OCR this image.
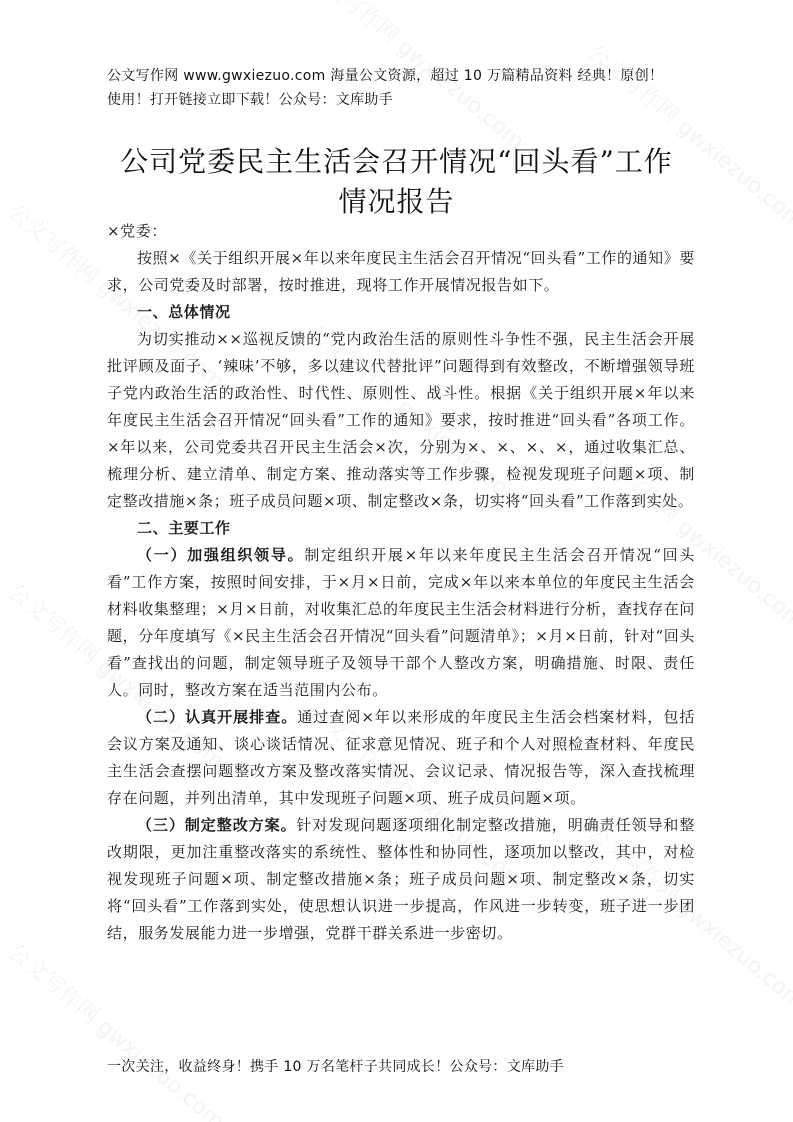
公文写作网 www.gwxiezuo.com 海量公文资源，超过 10 万篇精品资料 经典！原创！
使用！打开链接立即下载！公众号：文库助手
公司党委民主生活会召开情况“回头看”工作
情况报告

×党委：

按照×《关于组织开展×年以来年度民主生活会召开情况“回头看”工作的通知》要求，公司党委及时部署，按时推进，现将工作开展情况报告如下。

一、总体情况

为切实推动××巡视反馈的“党内政治生活的原则性斗争性不强，民主生活会开展批评顾及面子、‘辣味’不够，多以建议代替批评”问题得到有效整改，不断增强领导班子党内政治生活的政治性、时代性、原则性、战斗性。根据《关于组织开展×年以来年度民主生活会召开情况“回头看”工作的通知》要求，按时推进“回头看”各项工作。×年以来，公司党委共召开民主生活会×次，分别为×、×、×、×，通过收集汇总、梳理分析、建立清单、制定方案、推动落实等工作步骤，检视发现班子问题×项、制定整改措施×条；班子成员问题×项、制定整改×条，切实将“回头看”工作落到实处。

二、主要工作

（一）加强组织领导。制定组织开展×年以来年度民主生活会召开情况“回头看”工作方案，按照时间安排，于×月×日前，完成×年以来本单位的年度民主生活会材料收集整理；×月×日前，对收集汇总的年度民主生活会材料进行分析，查找存在问题，分年度填写《×民主生活会召开情况“回头看”问题清单》；×月×日前，针对“回头看”查找出的问题，制定领导班子及领导干部个人整改方案，明确措施、时限、责任人。同时，整改方案在适当范围内公布。

（二）认真开展排查。通过查阅×年以来形成的年度民主生活会档案材料，包括会议方案及通知、谈心谈话情况、征求意见情况、班子和个人对照检查材料、年度民主生活会查摆问题整改方案及整改落实情况、会议记录、情况报告等，深入查找梳理存在问题，并列出清单，其中发现班子问题×项、班子成员问题×项。

（三）制定整改方案。针对发现问题逐项细化制定整改措施，明确责任领导和整改期限，更加注重整改落实的系统性、整体性和协同性，逐项加以整改，其中，对检视发现班子问题×项、制定整改措施×条；班子成员问题×项、制定整改×条，切实将“回头看”工作落到实处，使思想认识进一步提高，作风进一步转变，班子进一步团结，服务发展能力进一步增强，党群干群关系进一步密切。

一次关注，收益终身！携手 10 万名笔杆子共同成长！公众号：文库助手
